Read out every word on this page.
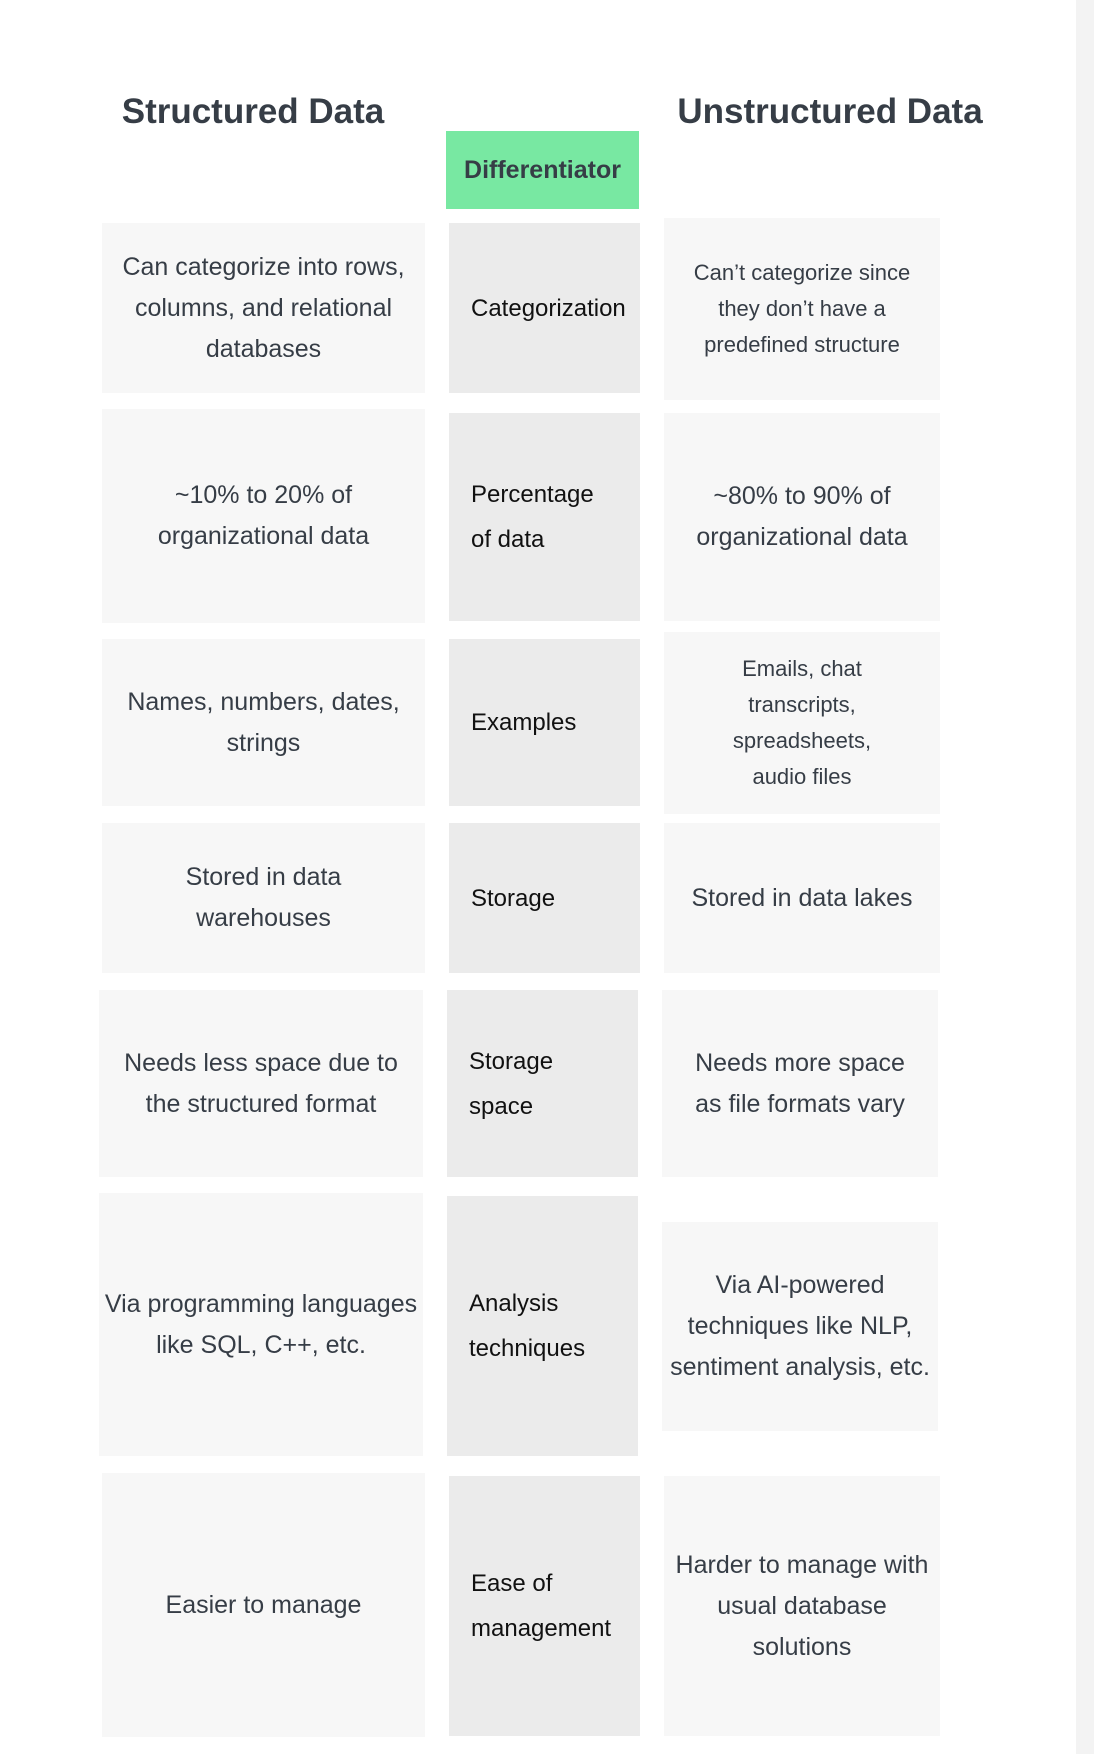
Structured Data	Unstructured Data
Differentiator
Can categorize into rows, columns, and relational databases
Categorization
Can’t categorize since they don’t have a predefined structure
~10% to 20% of organizational data
Percentage of data
~80% to 90% of organizational data
Names, numbers, dates, strings
Examples
Emails, chat transcripts, spreadsheets, audio files
Stored in data warehouses
Storage	Stored in data lakes
Needs less space due to the structured format
Storage space
Needs more space as file formats vary
Via programming languages like SQL, C++, etc.
Analysis techniques
Via AI-powered techniques like NLP, sentiment analysis, etc.
Easier to manage
Ease of management
Harder to manage with usual database solutions
